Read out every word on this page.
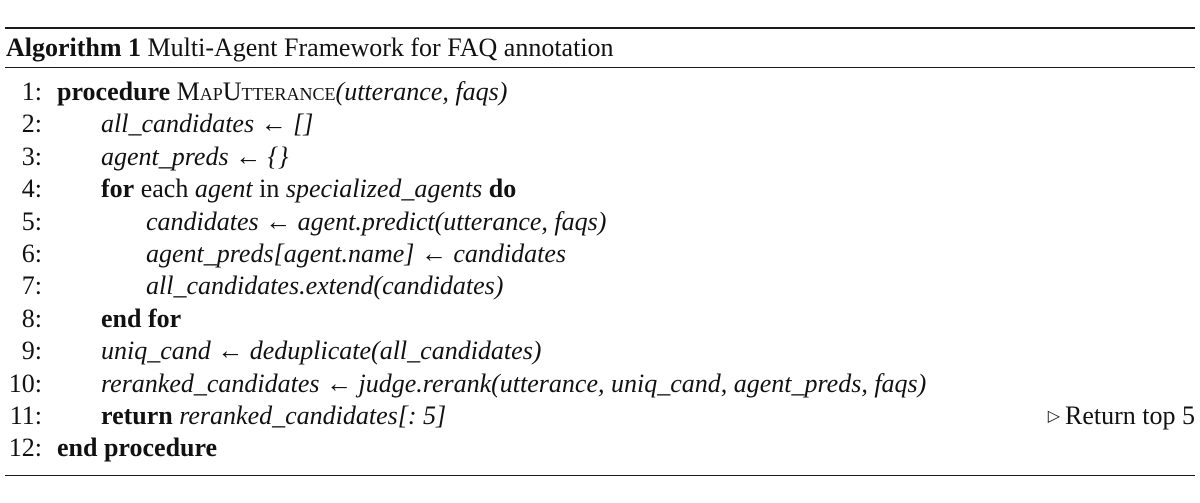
Algorithm 1 Multi-Agent Framework for FAQ annotation
1: procedure MapUtterance(utterance, faqs)
2: all_candidates ← []
3: agent_preds ← {}
4: for each agent in specialized_agents do
5:	candidates ← agent.predict(utterance, faqs)
6:	agent_preds[agent.name] ← candidates
7:	all_candidates.extend(candidates)
8: end for
9: uniq_cand ← deduplicate(all_candidates)
10: reranked_candidates ← judge.rerank(utterance, uniq_cand, agent_preds, faqs)
11: return reranked_candidates[: 5]	▷ Return top 5
12: end procedure
